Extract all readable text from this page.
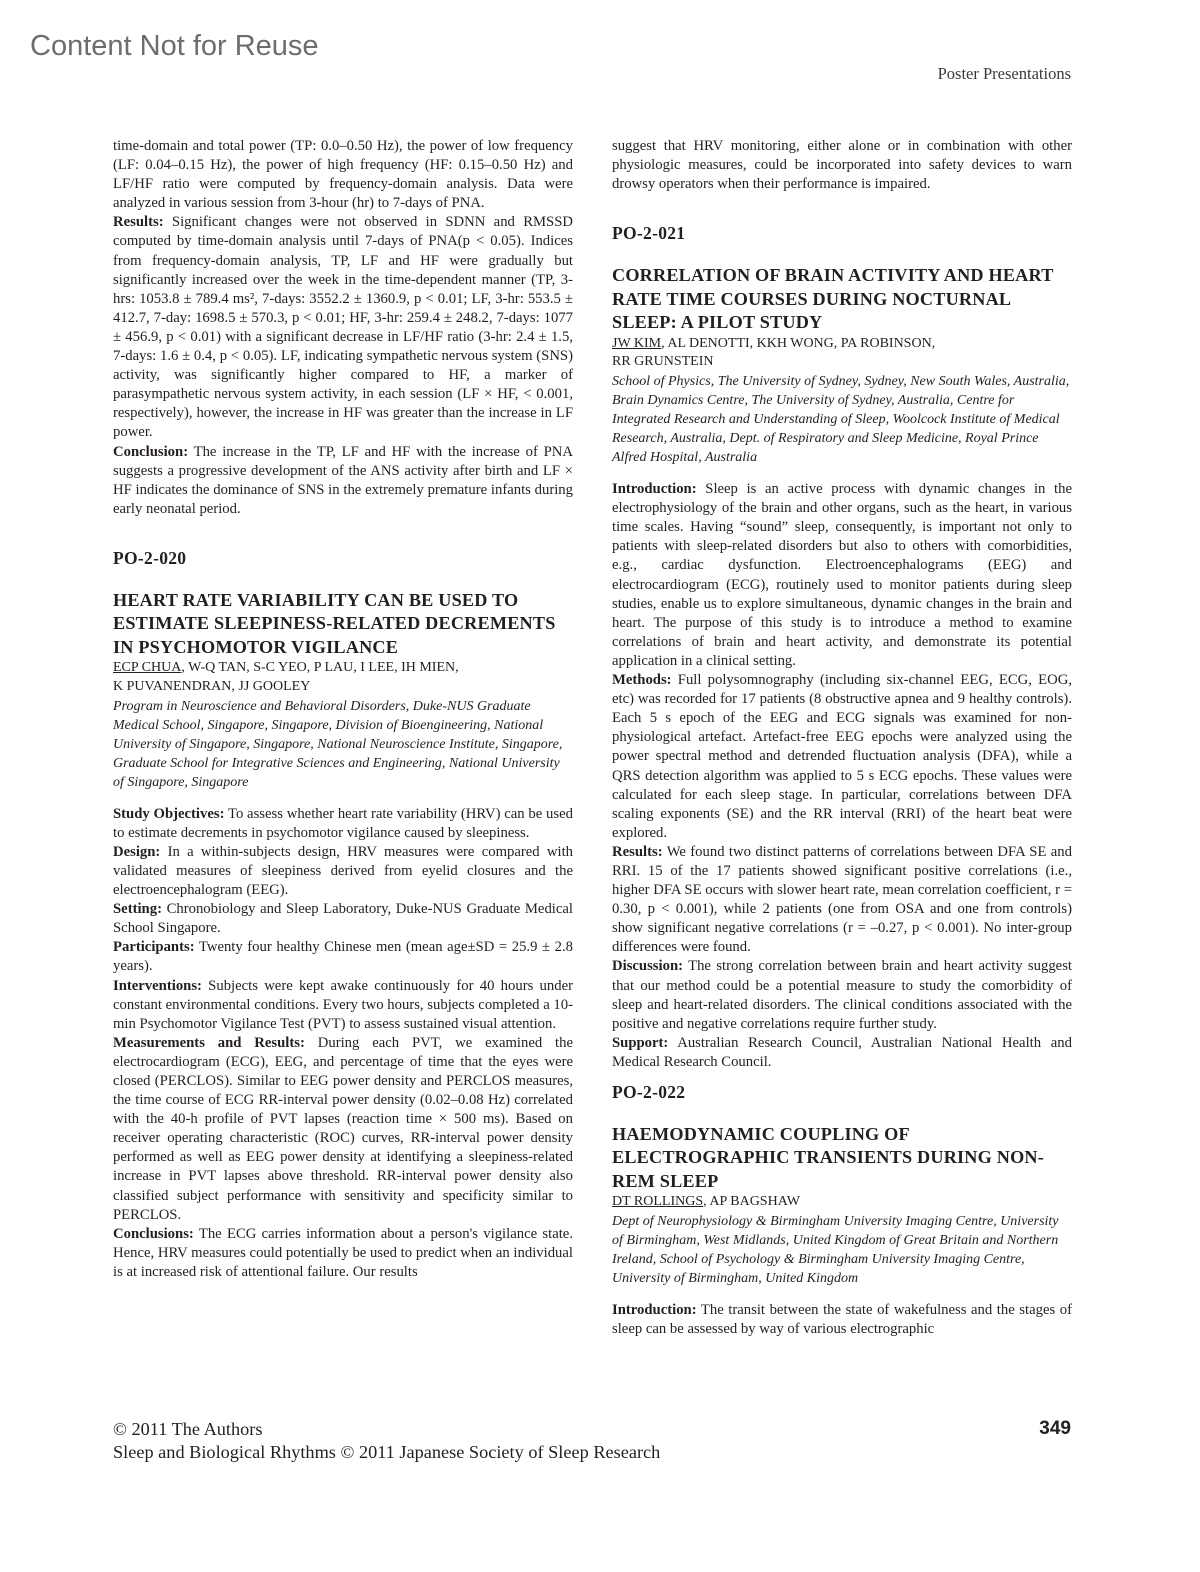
Content Not for Reuse
Poster Presentations

time-domain and total power (TP: 0.0–0.50 Hz), the power of low frequency (LF: 0.04–0.15 Hz), the power of high frequency (HF: 0.15–0.50 Hz) and LF/HF ratio were computed by frequency-domain analysis. Data were analyzed in various session from 3-hour (hr) to 7-days of PNA.

Results: Significant changes were not observed in SDNN and RMSSD computed by time-domain analysis until 7-days of PNA(p < 0.05). Indices from frequency-domain analysis, TP, LF and HF were gradually but significantly increased over the week in the time-dependent manner (TP, 3-hrs: 1053.8 ± 789.4 ms², 7-days: 3552.2 ± 1360.9, p < 0.01; LF, 3-hr: 553.5 ± 412.7, 7-day: 1698.5 ± 570.3, p < 0.01; HF, 3-hr: 259.4 ± 248.2, 7-days: 1077 ± 456.9, p < 0.01) with a significant decrease in LF/HF ratio (3-hr: 2.4 ± 1.5, 7-days: 1.6 ± 0.4, p < 0.05). LF, indicating sympathetic nervous system (SNS) activity, was significantly higher compared to HF, a marker of parasympathetic nervous system activity, in each session (LF × HF, < 0.001, respectively), however, the increase in HF was greater than the increase in LF power.

Conclusion: The increase in the TP, LF and HF with the increase of PNA suggests a progressive development of the ANS activity after birth and LF × HF indicates the dominance of SNS in the extremely premature infants during early neonatal period.

PO-2-020

HEART RATE VARIABILITY CAN BE USED TO ESTIMATE SLEEPINESS-RELATED DECREMENTS IN PSYCHOMOTOR VIGILANCE

ECP CHUA, W-Q TAN, S-C YEO, P LAU, I LEE, IH MIEN,
K PUVANENDRAN, JJ GOOLEY

Program in Neuroscience and Behavioral Disorders, Duke-NUS Graduate Medical School, Singapore, Singapore, Division of Bioengineering, National University of Singapore, Singapore, National Neuroscience Institute, Singapore, Graduate School for Integrative Sciences and Engineering, National University of Singapore, Singapore

Study Objectives: To assess whether heart rate variability (HRV) can be used to estimate decrements in psychomotor vigilance caused by sleepiness.

Design: In a within-subjects design, HRV measures were compared with validated measures of sleepiness derived from eyelid closures and the electroencephalogram (EEG).

Setting: Chronobiology and Sleep Laboratory, Duke-NUS Graduate Medical School Singapore.

Participants: Twenty four healthy Chinese men (mean age±SD = 25.9 ± 2.8 years).

Interventions: Subjects were kept awake continuously for 40 hours under constant environmental conditions. Every two hours, subjects completed a 10-min Psychomotor Vigilance Test (PVT) to assess sustained visual attention.

Measurements and Results: During each PVT, we examined the electrocardiogram (ECG), EEG, and percentage of time that the eyes were closed (PERCLOS). Similar to EEG power density and PERCLOS measures, the time course of ECG RR-interval power density (0.02–0.08 Hz) correlated with the 40-h profile of PVT lapses (reaction time × 500 ms). Based on receiver operating characteristic (ROC) curves, RR-interval power density performed as well as EEG power density at identifying a sleepiness-related increase in PVT lapses above threshold. RR-interval power density also classified subject performance with sensitivity and specificity similar to PERCLOS.

Conclusions: The ECG carries information about a person's vigilance state. Hence, HRV measures could potentially be used to predict when an individual is at increased risk of attentional failure. Our results

suggest that HRV monitoring, either alone or in combination with other physiologic measures, could be incorporated into safety devices to warn drowsy operators when their performance is impaired.

PO-2-021

CORRELATION OF BRAIN ACTIVITY AND HEART RATE TIME COURSES DURING NOCTURNAL SLEEP: A PILOT STUDY

JW KIM, AL DENOTTI, KKH WONG, PA ROBINSON,
RR GRUNSTEIN

School of Physics, The University of Sydney, Sydney, New South Wales, Australia, Brain Dynamics Centre, The University of Sydney, Australia, Centre for Integrated Research and Understanding of Sleep, Woolcock Institute of Medical Research, Australia, Dept. of Respiratory and Sleep Medicine, Royal Prince Alfred Hospital, Australia

Introduction: Sleep is an active process with dynamic changes in the electrophysiology of the brain and other organs, such as the heart, in various time scales. Having “sound” sleep, consequently, is important not only to patients with sleep-related disorders but also to others with comorbidities, e.g., cardiac dysfunction. Electroencephalograms (EEG) and electrocardiogram (ECG), routinely used to monitor patients during sleep studies, enable us to explore simultaneous, dynamic changes in the brain and heart. The purpose of this study is to introduce a method to examine correlations of brain and heart activity, and demonstrate its potential application in a clinical setting.

Methods: Full polysomnography (including six-channel EEG, ECG, EOG, etc) was recorded for 17 patients (8 obstructive apnea and 9 healthy controls). Each 5 s epoch of the EEG and ECG signals was examined for non-physiological artefact. Artefact-free EEG epochs were analyzed using the power spectral method and detrended fluctuation analysis (DFA), while a QRS detection algorithm was applied to 5 s ECG epochs. These values were calculated for each sleep stage. In particular, correlations between DFA scaling exponents (SE) and the RR interval (RRI) of the heart beat were explored.

Results: We found two distinct patterns of correlations between DFA SE and RRI. 15 of the 17 patients showed significant positive correlations (i.e., higher DFA SE occurs with slower heart rate, mean correlation coefficient, r = 0.30, p < 0.001), while 2 patients (one from OSA and one from controls) show significant negative correlations (r = –0.27, p < 0.001). No inter-group differences were found.

Discussion: The strong correlation between brain and heart activity suggest that our method could be a potential measure to study the comorbidity of sleep and heart-related disorders. The clinical conditions associated with the positive and negative correlations require further study.

Support: Australian Research Council, Australian National Health and Medical Research Council.

PO-2-022

HAEMODYNAMIC COUPLING OF ELECTROGRAPHIC TRANSIENTS DURING NON-REM SLEEP

DT ROLLINGS, AP BAGSHAW

Dept of Neurophysiology & Birmingham University Imaging Centre, University of Birmingham, West Midlands, United Kingdom of Great Britain and Northern Ireland, School of Psychology & Birmingham University Imaging Centre, University of Birmingham, United Kingdom

Introduction: The transit between the state of wakefulness and the stages of sleep can be assessed by way of various electrographic

© 2011 The Authors
Sleep and Biological Rhythms © 2011 Japanese Society of Sleep Research
349
